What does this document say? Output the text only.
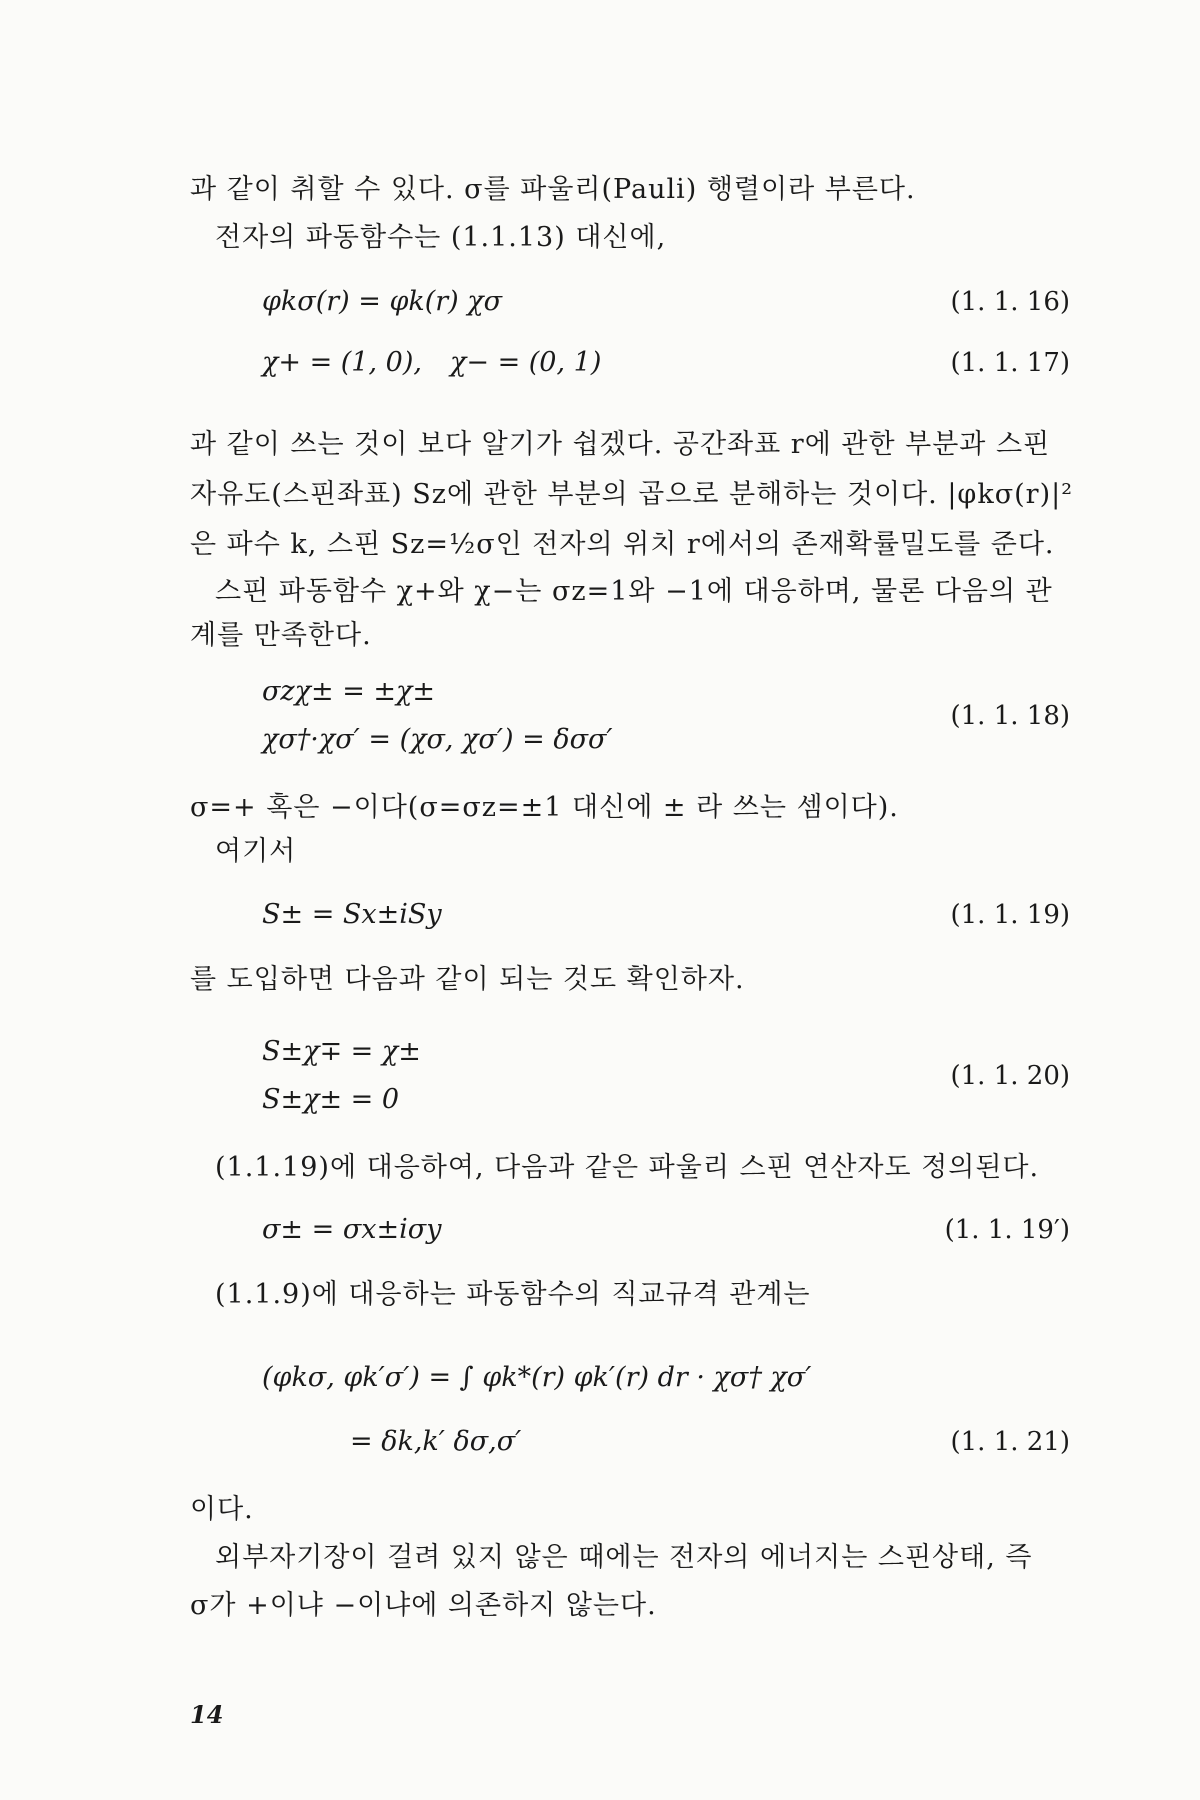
과 같이 취할 수 있다. σ를 파울리(Pauli) 행렬이라 부른다.
전자의 파동함수는 (1.1.13) 대신에,
φkσ(r) = φk(r) χσ	(1. 1. 16)
χ+ = (1, 0), χ− = (0, 1)	(1. 1. 17)
과 같이 쓰는 것이 보다 알기가 쉽겠다. 공간좌표 r에 관한 부분과 스핀
자유도(스핀좌표) Sz에 관한 부분의 곱으로 분해하는 것이다. |φkσ(r)|²
은 파수 k, 스핀 Sz=½σ인 전자의 위치 r에서의 존재확률밀도를 준다.
스핀 파동함수 χ+와 χ−는 σz=1와 −1에 대응하며, 물론 다음의 관
계를 만족한다.
σzχ± = ±χ±
χσ†·χσ′ = (χσ, χσ′) = δσσ′
(1. 1. 18)
σ=+ 혹은 −이다(σ=σz=±1 대신에 ± 라 쓰는 셈이다).
여기서
S± = Sx±iSy	(1. 1. 19)
를 도입하면 다음과 같이 되는 것도 확인하자.
S±χ∓ = χ±
S±χ± = 0
(1. 1. 20)
(1.1.19)에 대응하여, 다음과 같은 파울리 스핀 연산자도 정의된다.
σ± = σx±iσy	(1. 1. 19′)
(1.1.9)에 대응하는 파동함수의 직교규격 관계는
(φkσ, φk′σ′) = ∫ φk*(r) φk′(r) dr · χσ† χσ′
= δk,k′ δσ,σ′	(1. 1. 21)
이다.
외부자기장이 걸려 있지 않은 때에는 전자의 에너지는 스핀상태, 즉
σ가 +이냐 −이냐에 의존하지 않는다.
14
